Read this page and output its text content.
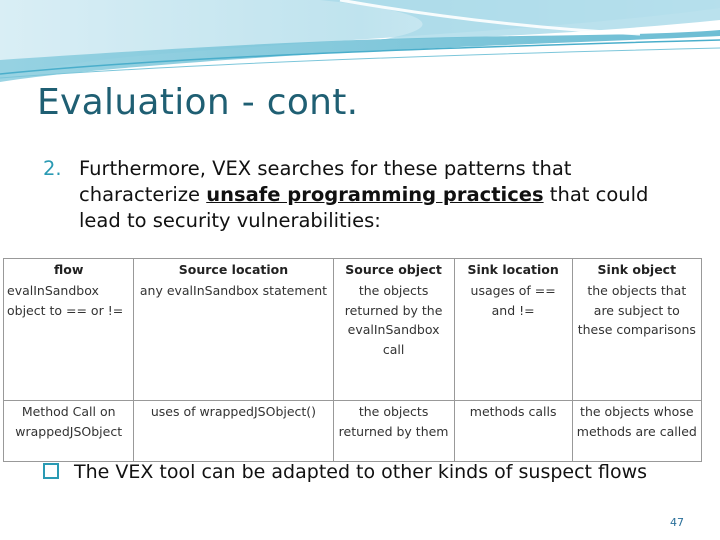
Evaluation - cont.
2. Furthermore, VEX searches for these patterns that characterize unsafe programming practices that could lead to security vulnerabilities:
flow	Source location	Source object	Sink location	Sink object
evalInSandbox object to == or !=	any evalInSandbox statement	the objects returned by the evalInSandbox call	usages of == and !=	the objects that are subject to these comparisons
Method Call on wrappedJSObject	uses of wrappedJSObject()	the objects returned by them	methods calls	the objects whose methods are called
The VEX tool can be adapted to other kinds of suspect flows
47
